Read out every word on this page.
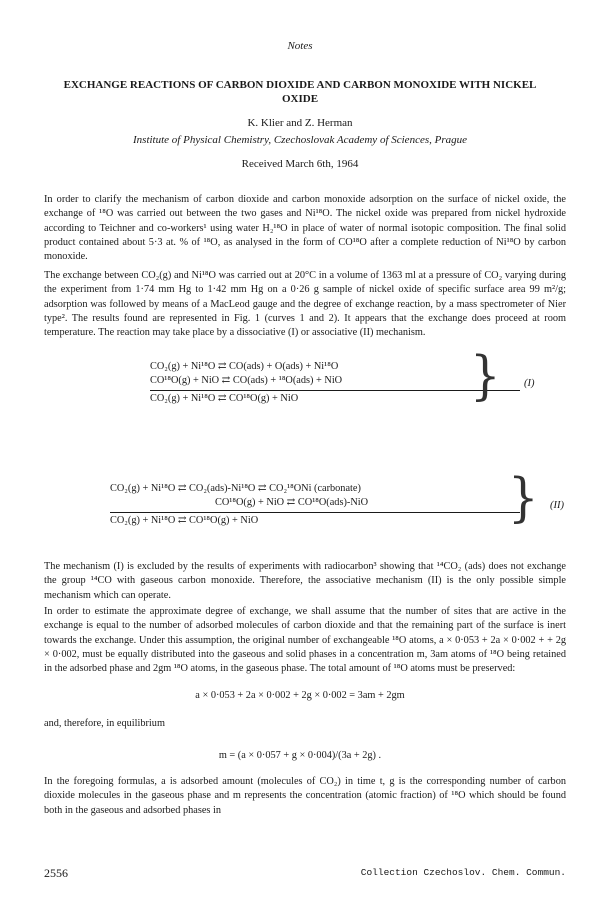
Notes
EXCHANGE REACTIONS OF CARBON DIOXIDE AND CARBON MONOXIDE WITH NICKEL OXIDE
K. Klier and Z. Herman
Institute of Physical Chemistry, Czechoslovak Academy of Sciences, Prague
Received March 6th, 1964
In order to clarify the mechanism of carbon dioxide and carbon monoxide adsorption on the surface of nickel oxide, the exchange of ¹⁸O was carried out between the two gases and Ni¹⁸O. The nickel oxide was prepared from nickel hydroxide according to Teichner and co-workers¹ using water H₂¹⁸O in place of water of normal isotopic composition. The final solid product contained about 5·3 at. % of ¹⁸O, as analysed in the form of CO¹⁸O after a complete reduction of Ni¹⁸O by carbon monoxide.
The exchange between CO₂(g) and Ni¹⁸O was carried out at 20°C in a volume of 1363 ml at a pressure of CO₂ varying during the experiment from 1·74 mm Hg to 1·42 mm Hg on a 0·26 g sample of nickel oxide of specific surface area 99 m²/g; adsorption was followed by means of a MacLeod gauge and the degree of exchange reaction, by a mass spectrometer of Nier type². The results found are represented in Fig. 1 (curves 1 and 2). It appears that the exchange does proceed at room temperature. The reaction may take place by a dissociative (I) or associative (II) mechanism.
CO₂(g) + Ni¹⁸O ⇄ CO(ads) + O(ads) + Ni¹⁸O
CO¹⁸O(g) + NiO ⇄ CO(ads) + ¹⁸O(ads) + NiO
CO₂(g) + Ni¹⁸O ⇄ CO¹⁸O(g) + NiO	} (I)
CO₂(g) + Ni¹⁸O ⇄ CO₂(ads)-Ni¹⁸O ⇄ CO₂¹⁸ONi (carbonate)
CO¹⁸O(g) + NiO ⇄ CO¹⁸O(ads)-NiO
CO₂(g) + Ni¹⁸O ⇄ CO¹⁸O(g) + NiO	} (II)
The mechanism (I) is excluded by the results of experiments with radiocarbon³ showing that ¹⁴CO₂ (ads) does not exchange the group ¹⁴CO with gaseous carbon monoxide. Therefore, the associative mechanism (II) is the only possible simple mechanism which can operate.
In order to estimate the approximate degree of exchange, we shall assume that the number of sites that are active in the exchange is equal to the number of adsorbed molecules of carbon dioxide and that the remaining part of the surface is inert towards the exchange. Under this assumption, the original number of exchangeable ¹⁸O atoms, a × 0·053 + 2a × 0·002 + + 2g × 0·002, must be equally distributed into the gaseous and solid phases in a concentration m, 3am atoms of ¹⁸O being retained in the adsorbed phase and 2gm ¹⁸O atoms, in the gaseous phase. The total amount of ¹⁸O atoms must be preserved:
a × 0·053 + 2a × 0·002 + 2g × 0·002 = 3am + 2gm
and, therefore, in equilibrium
m = (a × 0·057 + g × 0·004)/(3a + 2g) .
In the foregoing formulas, a is adsorbed amount (molecules of CO₂) in time t, g is the corresponding number of carbon dioxide molecules in the gaseous phase and m represents the concentration (atomic fraction) of ¹⁸O which should be found both in the gaseous and adsorbed phases in
2556	Collection Czechoslov. Chem. Commun.
